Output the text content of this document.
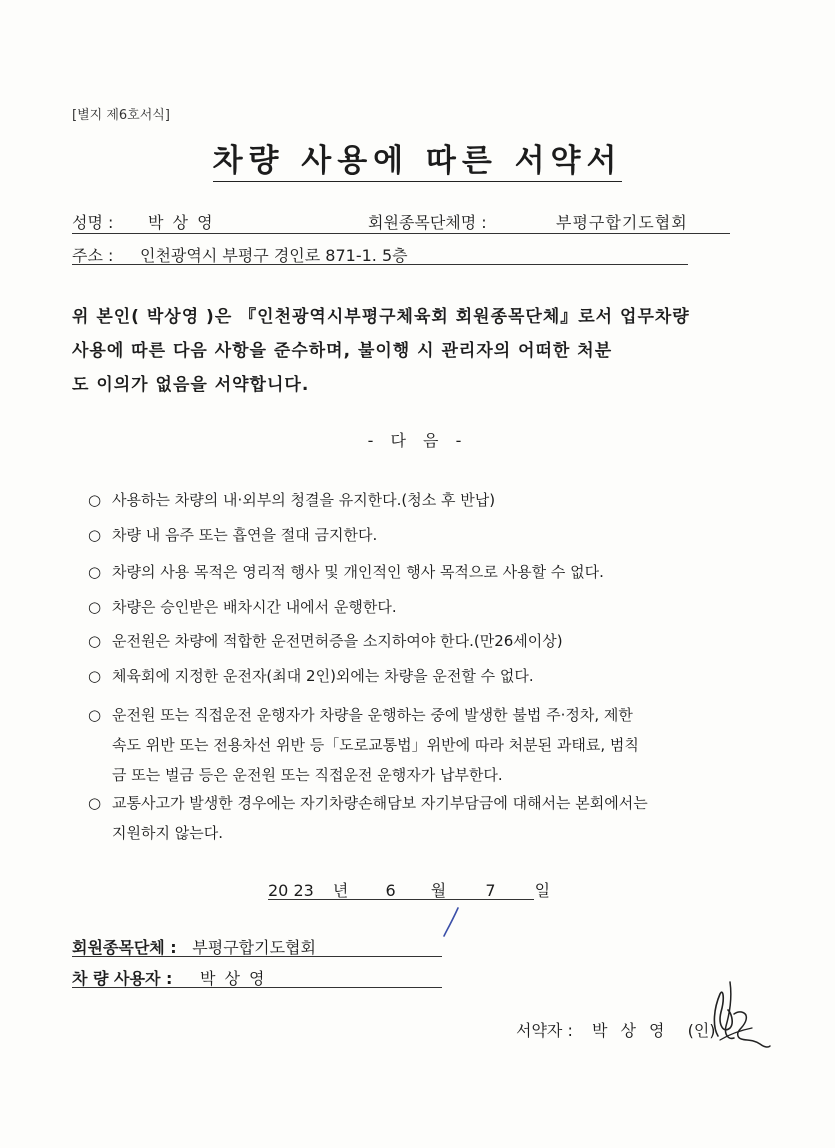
[별지 제6호서식]
차량 사용에 따른 서약서
성명 : 박 상 영	회원종목단체명 :	부평구합기도협회
주소 : 인천광역시 부평구 경인로 871-1. 5층
위 본인( 박상영 )은 『인천광역시부평구체육회 회원종목단체』로서 업무차량
사용에 따른 다음 사항을 준수하며, 불이행 시 관리자의 어떠한 처분
도 이의가 없음을 서약합니다.
- 다 음 -
○ 사용하는 차량의 내·외부의 청결을 유지한다.(청소 후 반납)
○ 차량 내 음주 또는 흡연을 절대 금지한다.
○ 차량의 사용 목적은 영리적 행사 및 개인적인 행사 목적으로 사용할 수 없다.
○ 차량은 승인받은 배차시간 내에서 운행한다.
○ 운전원은 차량에 적합한 운전면허증을 소지하여야 한다.(만26세이상)
○ 체육회에 지정한 운전자(최대 2인)외에는 차량을 운전할 수 없다.
○ 운전원 또는 직접운전 운행자가 차량을 운행하는 중에 발생한 불법 주·정차, 제한
속도 위반 또는 전용차선 위반 등「도로교통법」위반에 따라 처분된 과태료, 범칙
금 또는 벌금 등은 운전원 또는 직접운전 운행자가 납부한다.
○ 교통사고가 발생한 경우에는 자기차량손해담보 자기부담금에 대해서는 본회에서는
지원하지 않는다.
20 23 년 6 월 7 일
회원종목단체 : 부평구합기도협회
차 량 사용자 : 박 상 영
서약자 : 박 상 영 (인)
